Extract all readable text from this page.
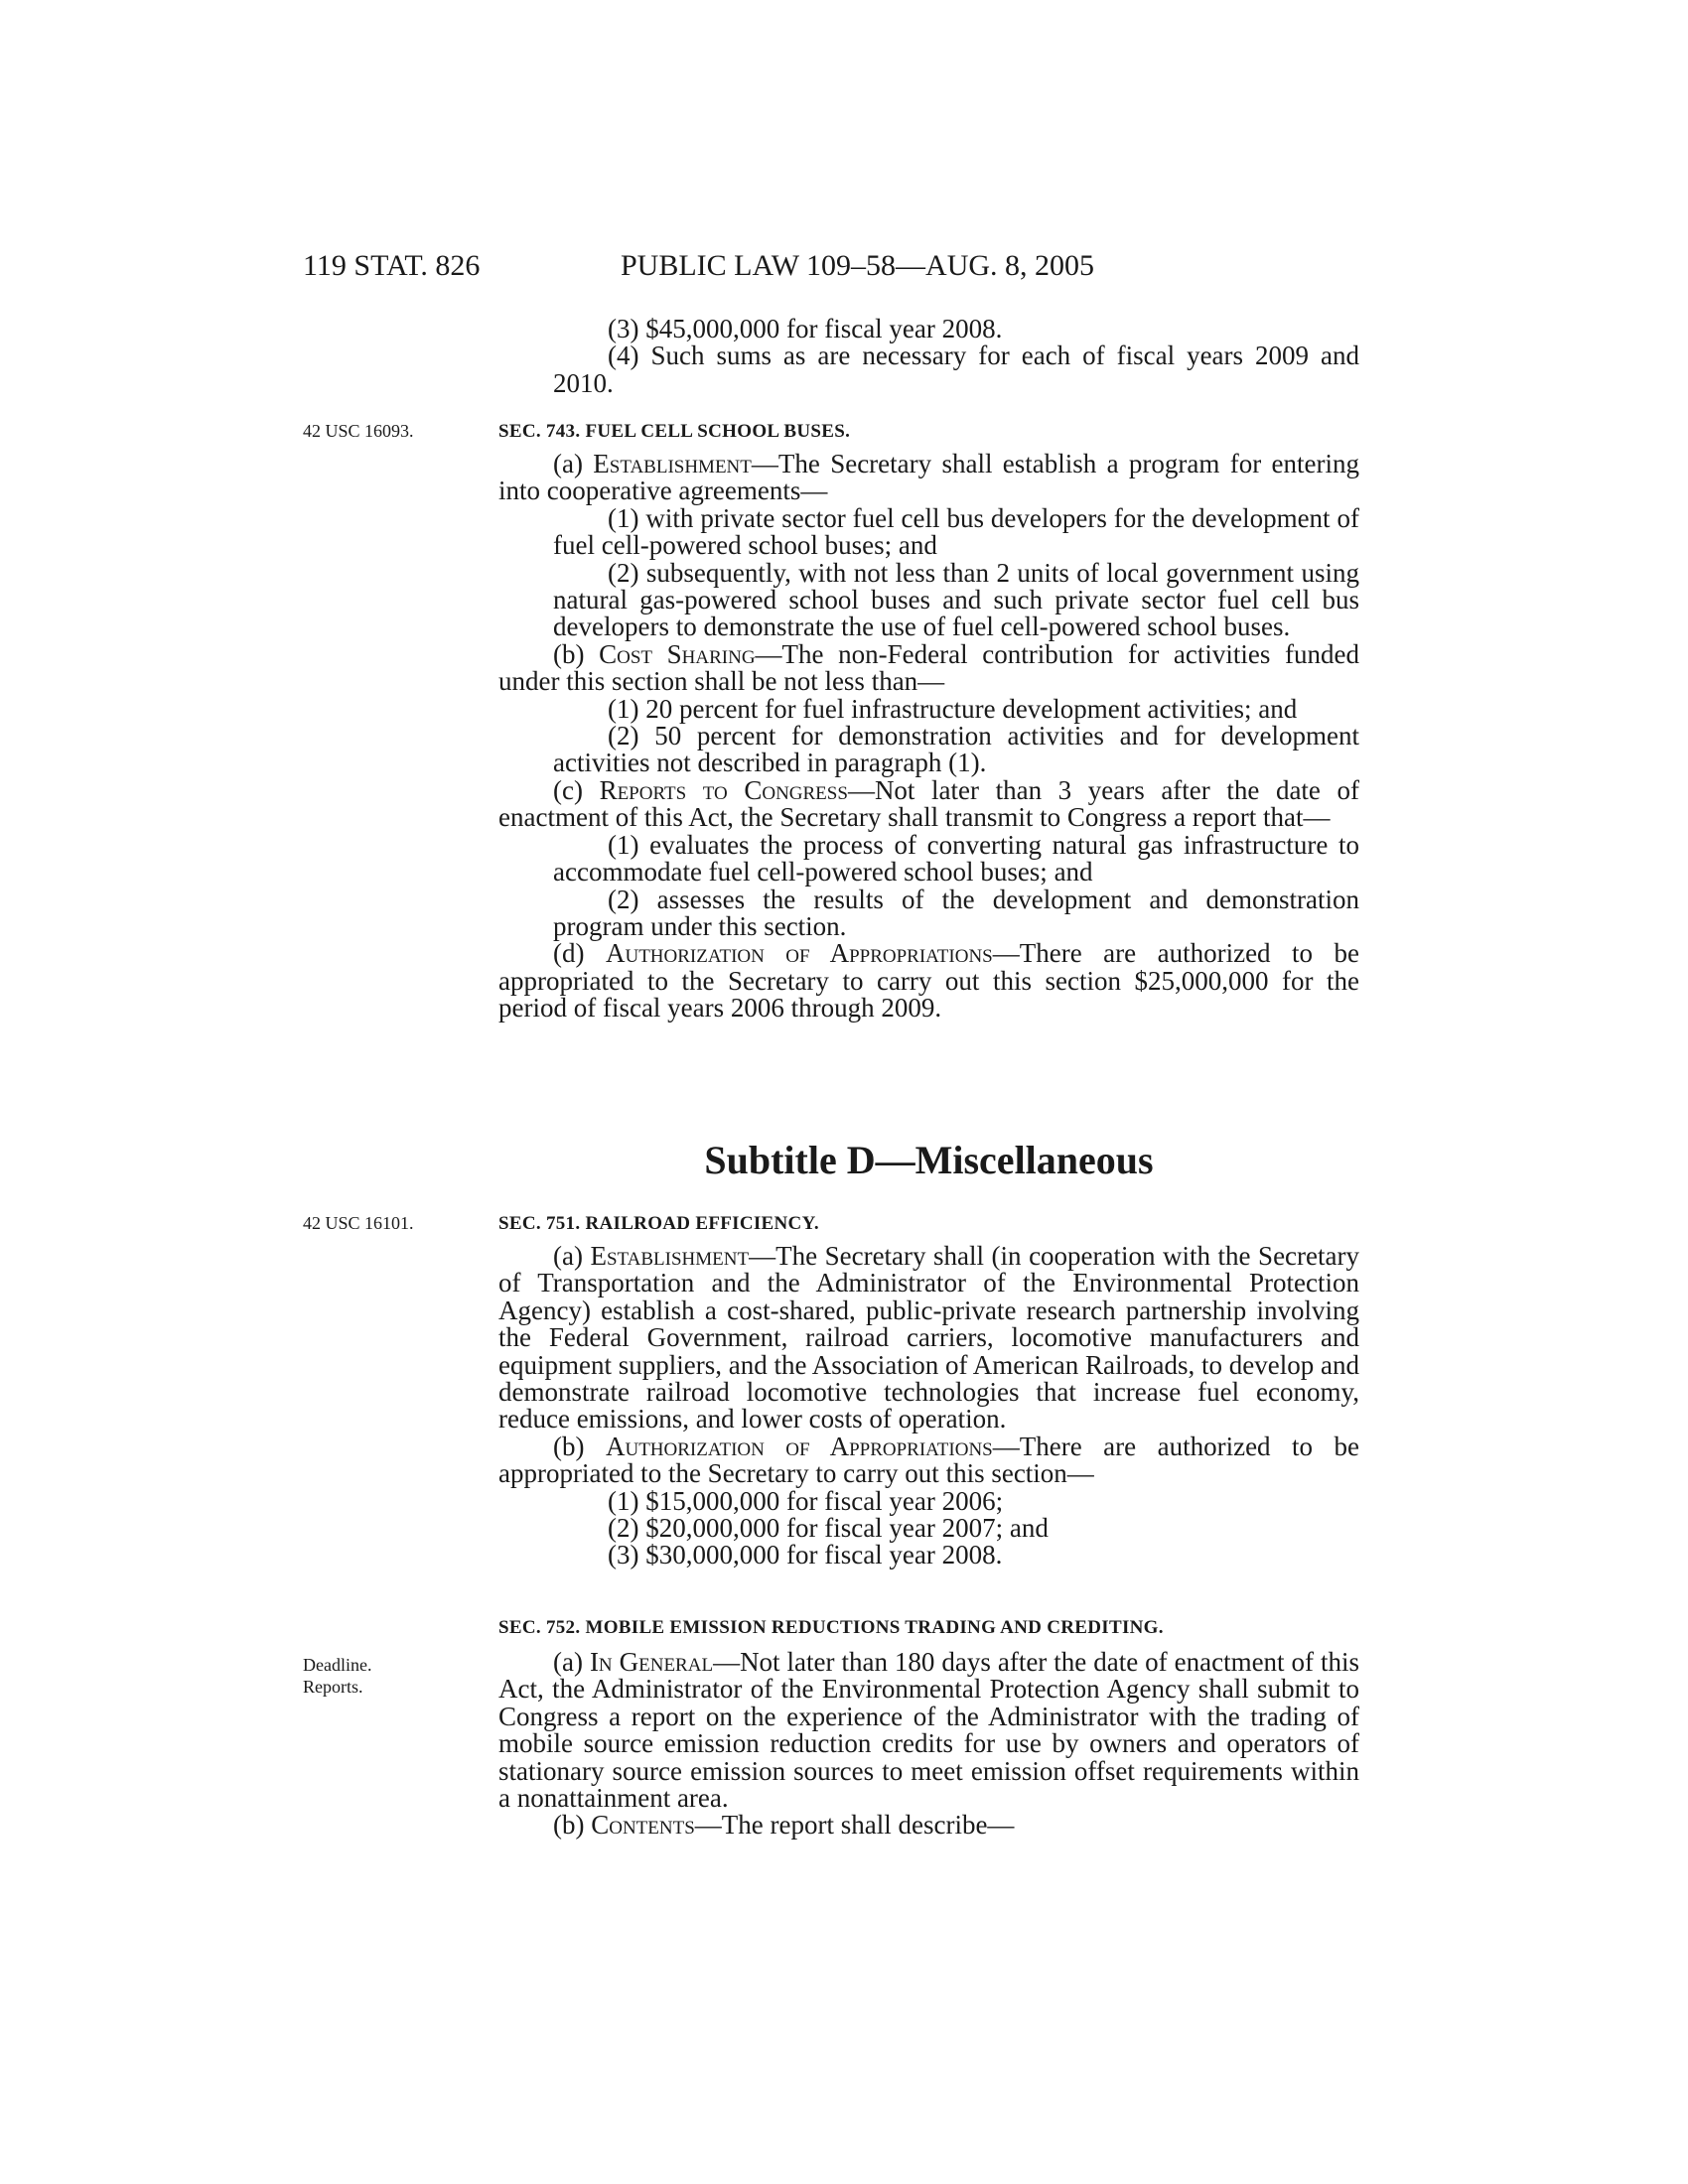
119 STAT. 826	PUBLIC LAW 109–58—AUG. 8, 2005

(3) $45,000,000 for fiscal year 2008.

(4) Such sums as are necessary for each of fiscal years 2009 and 2010.

42 USC 16093.	SEC. 743. FUEL CELL SCHOOL BUSES.

(a) Establishment—The Secretary shall establish a program for entering into cooperative agreements—

(1) with private sector fuel cell bus developers for the development of fuel cell-powered school buses; and

(2) subsequently, with not less than 2 units of local government using natural gas-powered school buses and such private sector fuel cell bus developers to demonstrate the use of fuel cell-powered school buses.

(b) Cost Sharing—The non-Federal contribution for activities funded under this section shall be not less than—

(1) 20 percent for fuel infrastructure development activities; and

(2) 50 percent for demonstration activities and for development activities not described in paragraph (1).

(c) Reports to Congress—Not later than 3 years after the date of enactment of this Act, the Secretary shall transmit to Congress a report that—

(1) evaluates the process of converting natural gas infrastructure to accommodate fuel cell-powered school buses; and

(2) assesses the results of the development and demonstration program under this section.

(d) Authorization of Appropriations—There are authorized to be appropriated to the Secretary to carry out this section $25,000,000 for the period of fiscal years 2006 through 2009.

Subtitle D—Miscellaneous
42 USC 16101.	SEC. 751. RAILROAD EFFICIENCY.

(a) Establishment—The Secretary shall (in cooperation with the Secretary of Transportation and the Administrator of the Environmental Protection Agency) establish a cost-shared, public-private research partnership involving the Federal Government, railroad carriers, locomotive manufacturers and equipment suppliers, and the Association of American Railroads, to develop and demonstrate railroad locomotive technologies that increase fuel economy, reduce emissions, and lower costs of operation.

(b) Authorization of Appropriations—There are authorized to be appropriated to the Secretary to carry out this section—

(1) $15,000,000 for fiscal year 2006;

(2) $20,000,000 for fiscal year 2007; and

(3) $30,000,000 for fiscal year 2008.

SEC. 752. MOBILE EMISSION REDUCTIONS TRADING AND CREDITING.
Deadline.
Reports.

(a) In General—Not later than 180 days after the date of enactment of this Act, the Administrator of the Environmental Protection Agency shall submit to Congress a report on the experience of the Administrator with the trading of mobile source emission reduction credits for use by owners and operators of stationary source emission sources to meet emission offset requirements within a nonattainment area.

(b) Contents—The report shall describe—
